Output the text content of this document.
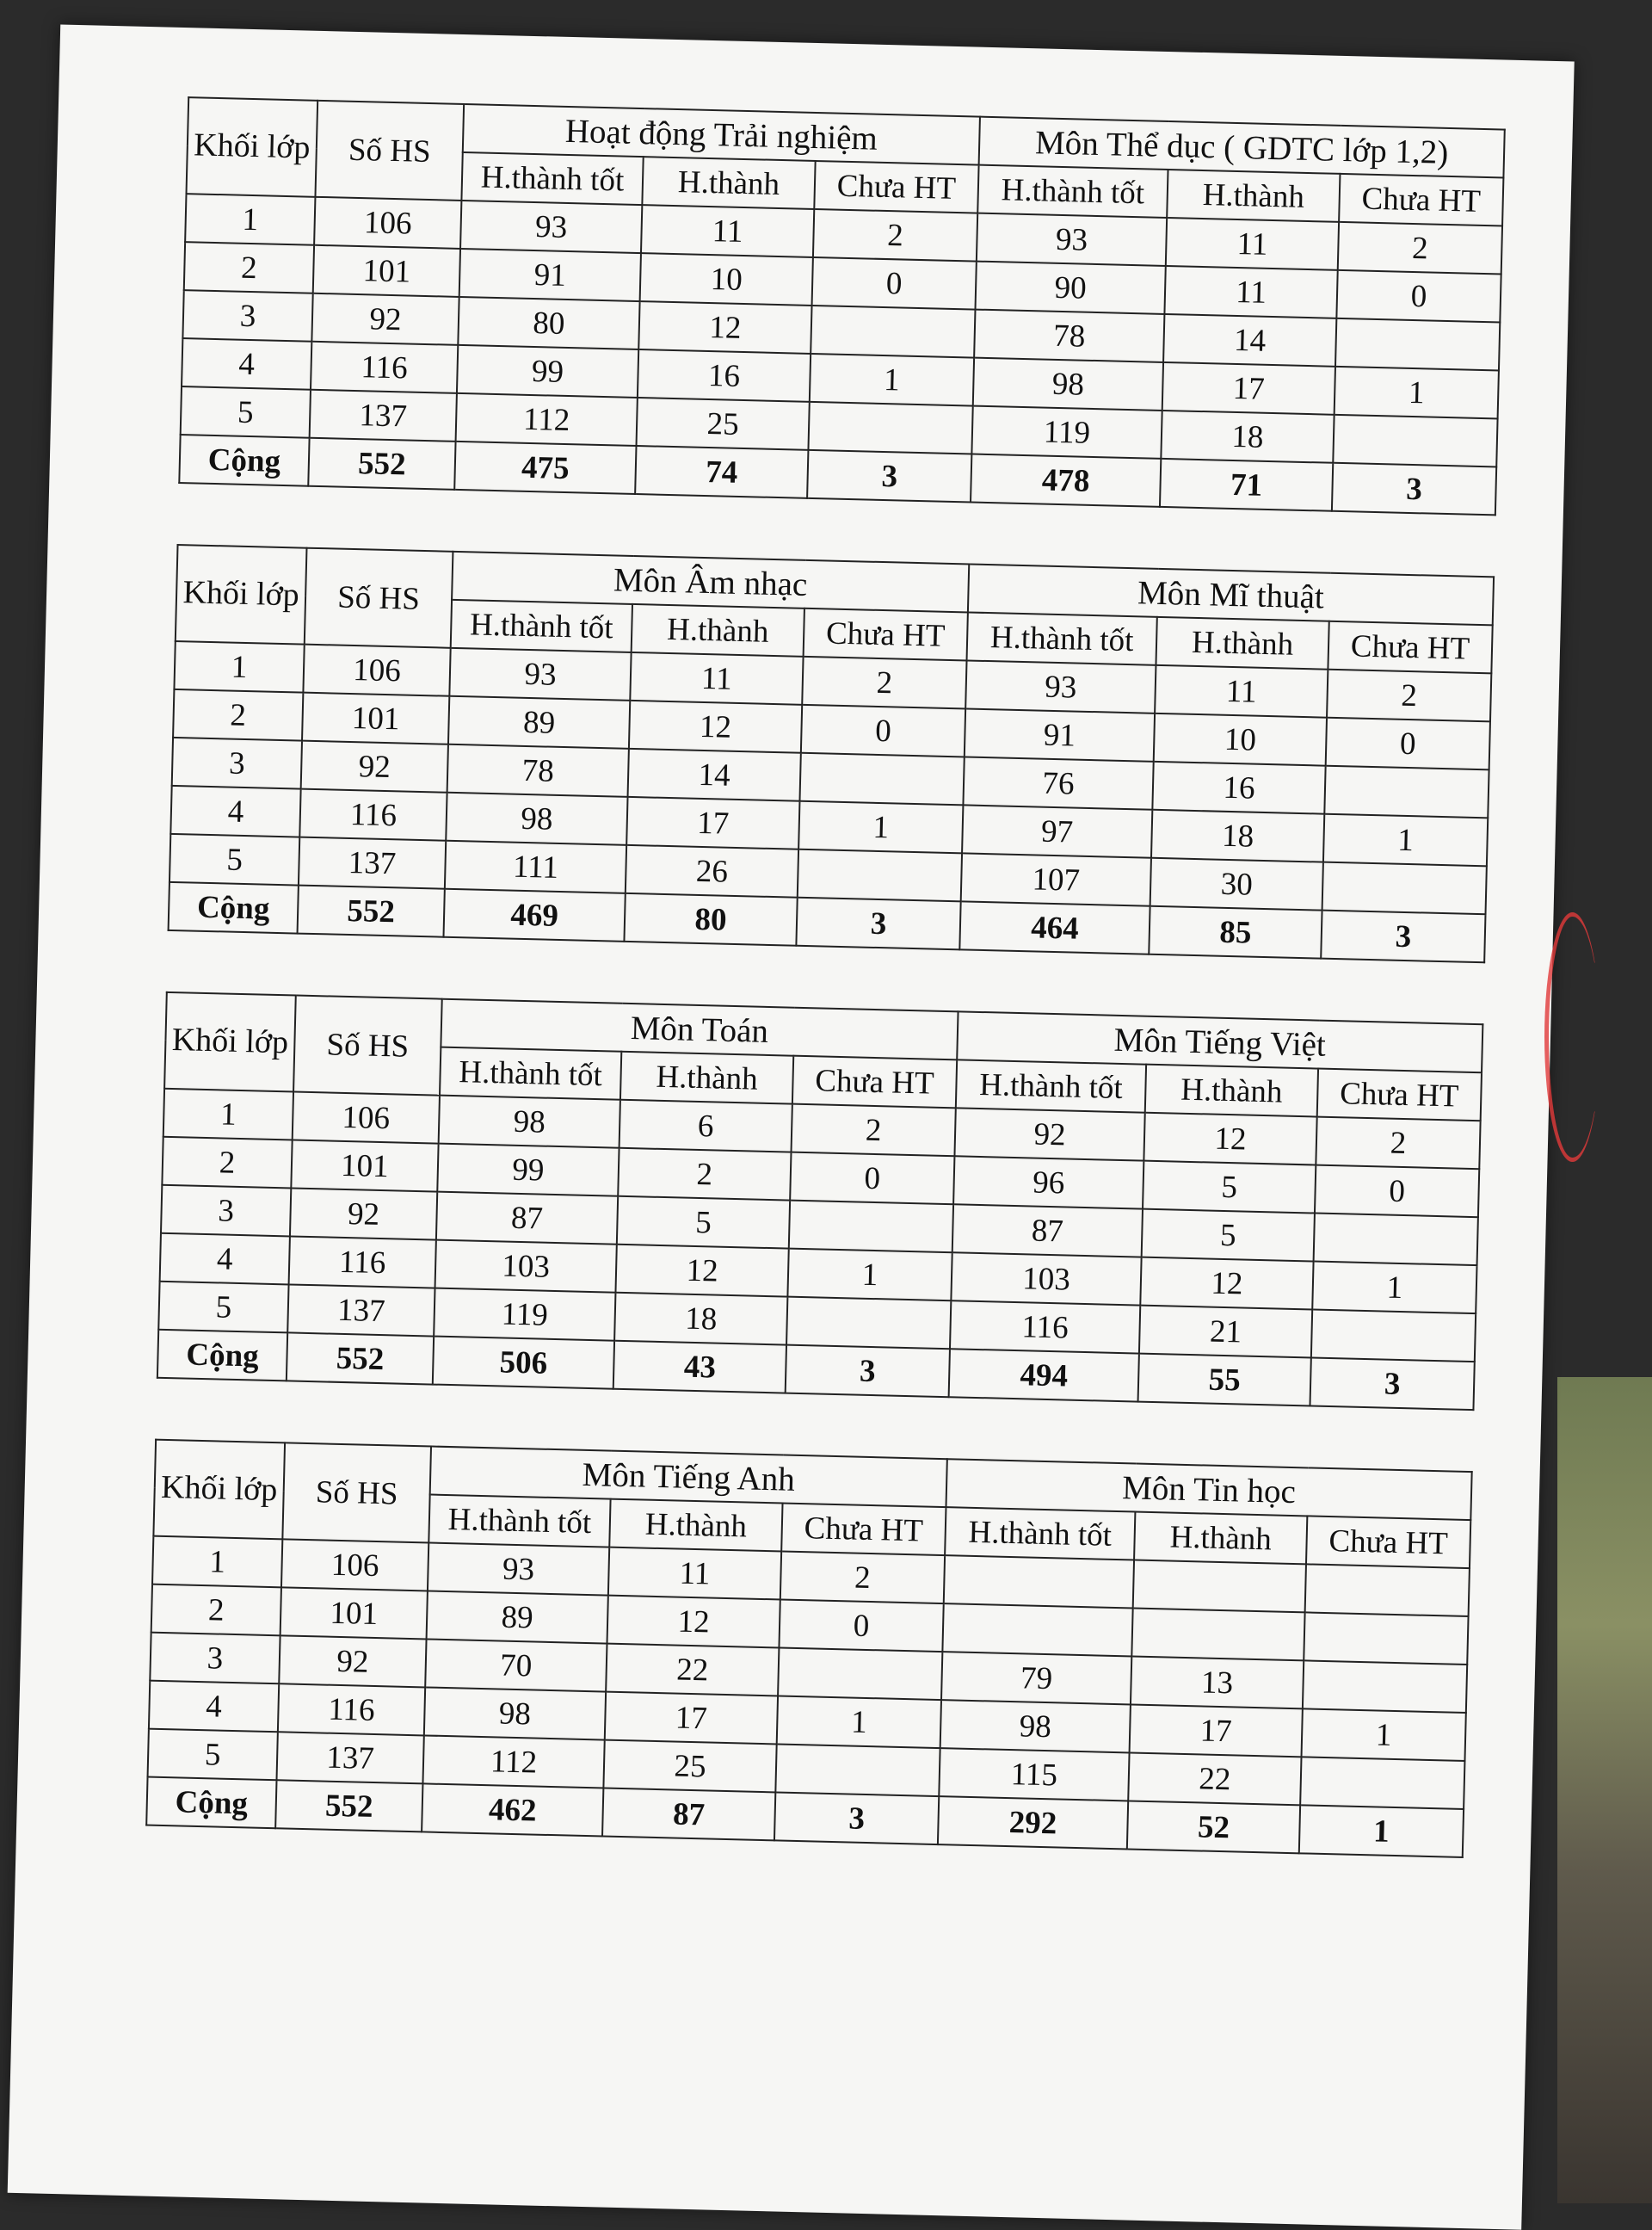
Khối lớp	Số HS	Hoạt động Trải nghiệm			Môn Thể dục ( GDTC lớp 1,2)		
		H.thành tốt	H.thành	Chưa HT	H.thành tốt	H.thành	Chưa HT
1	106	93	11	2	93	11	2
2	101	91	10	0	90	11	0
3	92	80	12		78	14	
4	116	99	16	1	98	17	1
5	137	112	25		119	18	
Cộng	552	475	74	3	478	71	3
Khối lớp	Số HS	Môn Âm nhạc			Môn Mĩ thuật		
		H.thành tốt	H.thành	Chưa HT	H.thành tốt	H.thành	Chưa HT
1	106	93	11	2	93	11	2
2	101	89	12	0	91	10	0
3	92	78	14		76	16	
4	116	98	17	1	97	18	1
5	137	111	26		107	30	
Cộng	552	469	80	3	464	85	3
Khối lớp	Số HS	Môn Toán			Môn Tiếng Việt		
		H.thành tốt	H.thành	Chưa HT	H.thành tốt	H.thành	Chưa HT
1	106	98	6	2	92	12	2
2	101	99	2	0	96	5	0
3	92	87	5		87	5	
4	116	103	12	1	103	12	1
5	137	119	18		116	21	
Cộng	552	506	43	3	494	55	3
Khối lớp	Số HS	Môn Tiếng Anh			Môn Tin học		
		H.thành tốt	H.thành	Chưa HT	H.thành tốt	H.thành	Chưa HT
1	106	93	11	2			
2	101	89	12	0			
3	92	70	22		79	13	
4	116	98	17	1	98	17	1
5	137	112	25		115	22	
Cộng	552	462	87	3	292	52	1
